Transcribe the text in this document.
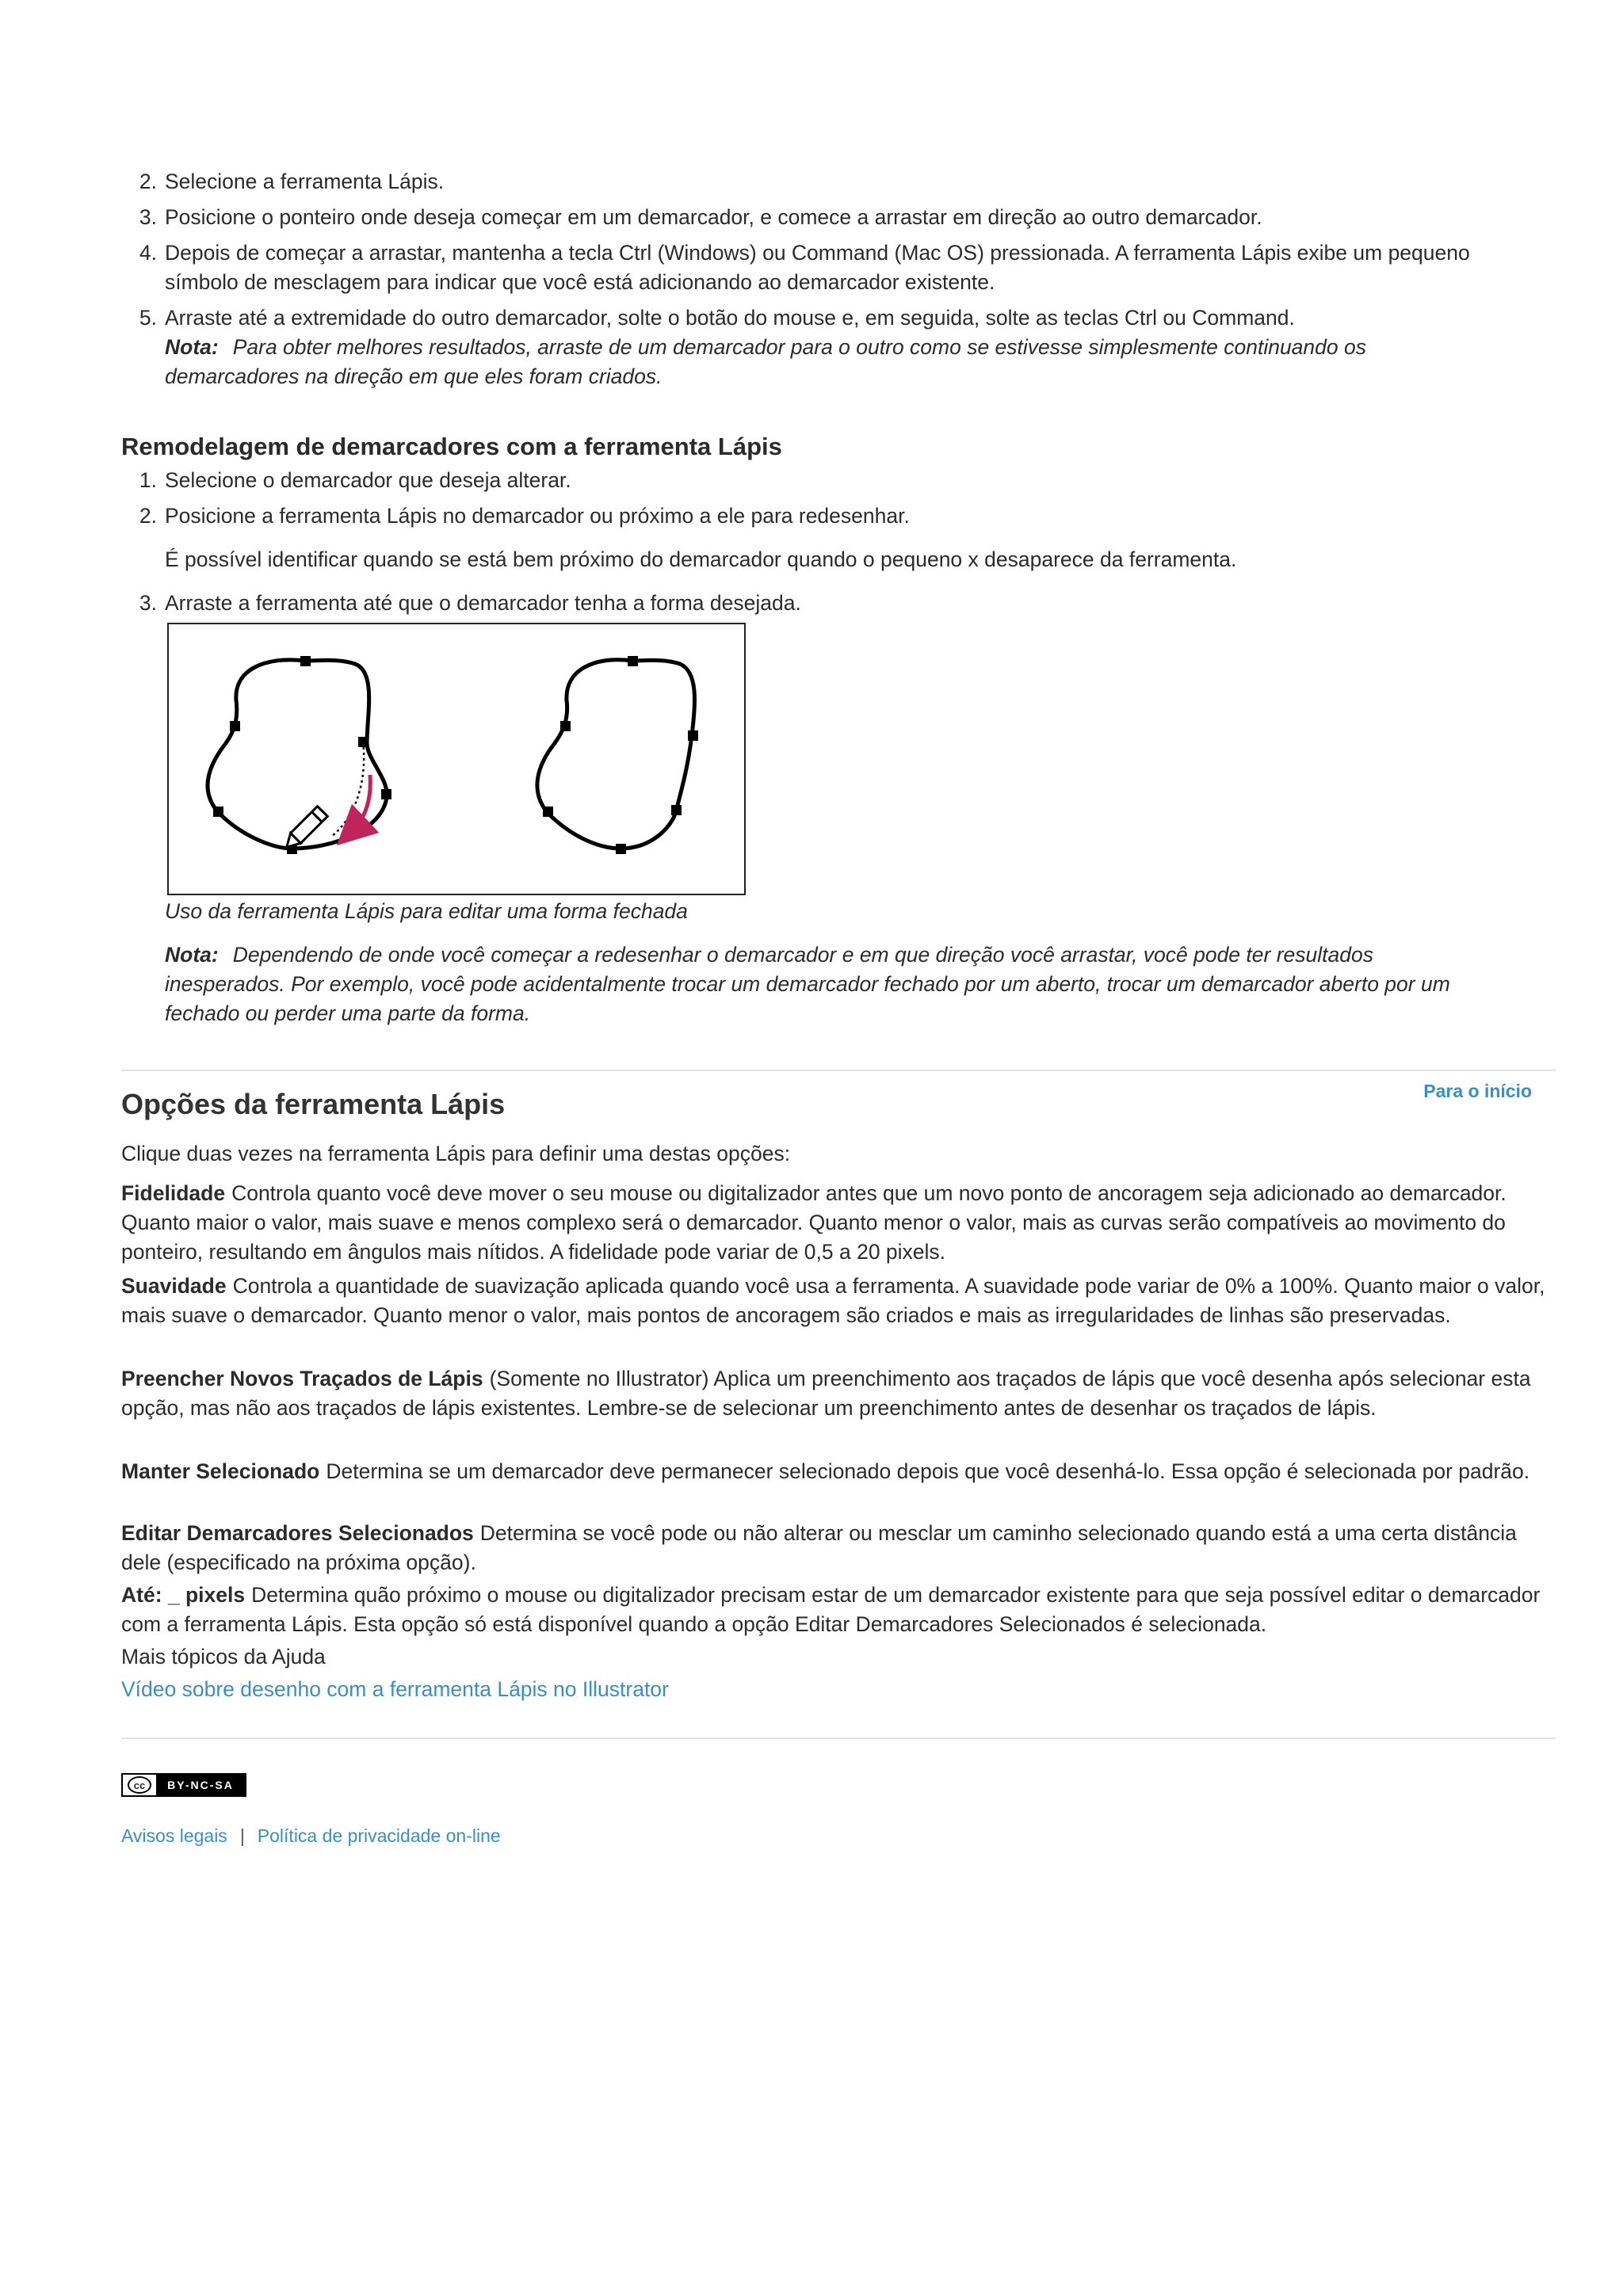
2. Selecione a ferramenta Lápis.
3. Posicione o ponteiro onde deseja começar em um demarcador, e comece a arrastar em direção ao outro demarcador.
4. Depois de começar a arrastar, mantenha a tecla Ctrl (Windows) ou Command (Mac OS) pressionada. A ferramenta Lápis exibe um pequeno símbolo de mesclagem para indicar que você está adicionando ao demarcador existente.
5. Arraste até a extremidade do outro demarcador, solte o botão do mouse e, em seguida, solte as teclas Ctrl ou Command.
Nota: Para obter melhores resultados, arraste de um demarcador para o outro como se estivesse simplesmente continuando os demarcadores na direção em que eles foram criados.
Remodelagem de demarcadores com a ferramenta Lápis
1. Selecione o demarcador que deseja alterar.
2. Posicione a ferramenta Lápis no demarcador ou próximo a ele para redesenhar.
É possível identificar quando se está bem próximo do demarcador quando o pequeno x desaparece da ferramenta.
3. Arraste a ferramenta até que o demarcador tenha a forma desejada.
Uso da ferramenta Lápis para editar uma forma fechada
Nota: Dependendo de onde você começar a redesenhar o demarcador e em que direção você arrastar, você pode ter resultados inesperados. Por exemplo, você pode acidentalmente trocar um demarcador fechado por um aberto, trocar um demarcador aberto por um fechado ou perder uma parte da forma.
Opções da ferramenta Lápis	Para o início
Clique duas vezes na ferramenta Lápis para definir uma destas opções:
Fidelidade Controla quanto você deve mover o seu mouse ou digitalizador antes que um novo ponto de ancoragem seja adicionado ao demarcador. Quanto maior o valor, mais suave e menos complexo será o demarcador. Quanto menor o valor, mais as curvas serão compatíveis ao movimento do ponteiro, resultando em ângulos mais nítidos. A fidelidade pode variar de 0,5 a 20 pixels.
Suavidade Controla a quantidade de suavização aplicada quando você usa a ferramenta. A suavidade pode variar de 0% a 100%. Quanto maior o valor, mais suave o demarcador. Quanto menor o valor, mais pontos de ancoragem são criados e mais as irregularidades de linhas são preservadas.
Preencher Novos Traçados de Lápis (Somente no Illustrator) Aplica um preenchimento aos traçados de lápis que você desenha após selecionar esta opção, mas não aos traçados de lápis existentes. Lembre-se de selecionar um preenchimento antes de desenhar os traçados de lápis.
Manter Selecionado Determina se um demarcador deve permanecer selecionado depois que você desenhá-lo. Essa opção é selecionada por padrão.
Editar Demarcadores Selecionados Determina se você pode ou não alterar ou mesclar um caminho selecionado quando está a uma certa distância dele (especificado na próxima opção).
Até: _ pixels Determina quão próximo o mouse ou digitalizador precisam estar de um demarcador existente para que seja possível editar o demarcador com a ferramenta Lápis. Esta opção só está disponível quando a opção Editar Demarcadores Selecionados é selecionada.
Mais tópicos da Ajuda
Vídeo sobre desenho com a ferramenta Lápis no Illustrator
cc	BY-NC-SA
Avisos legais | Política de privacidade on-line
